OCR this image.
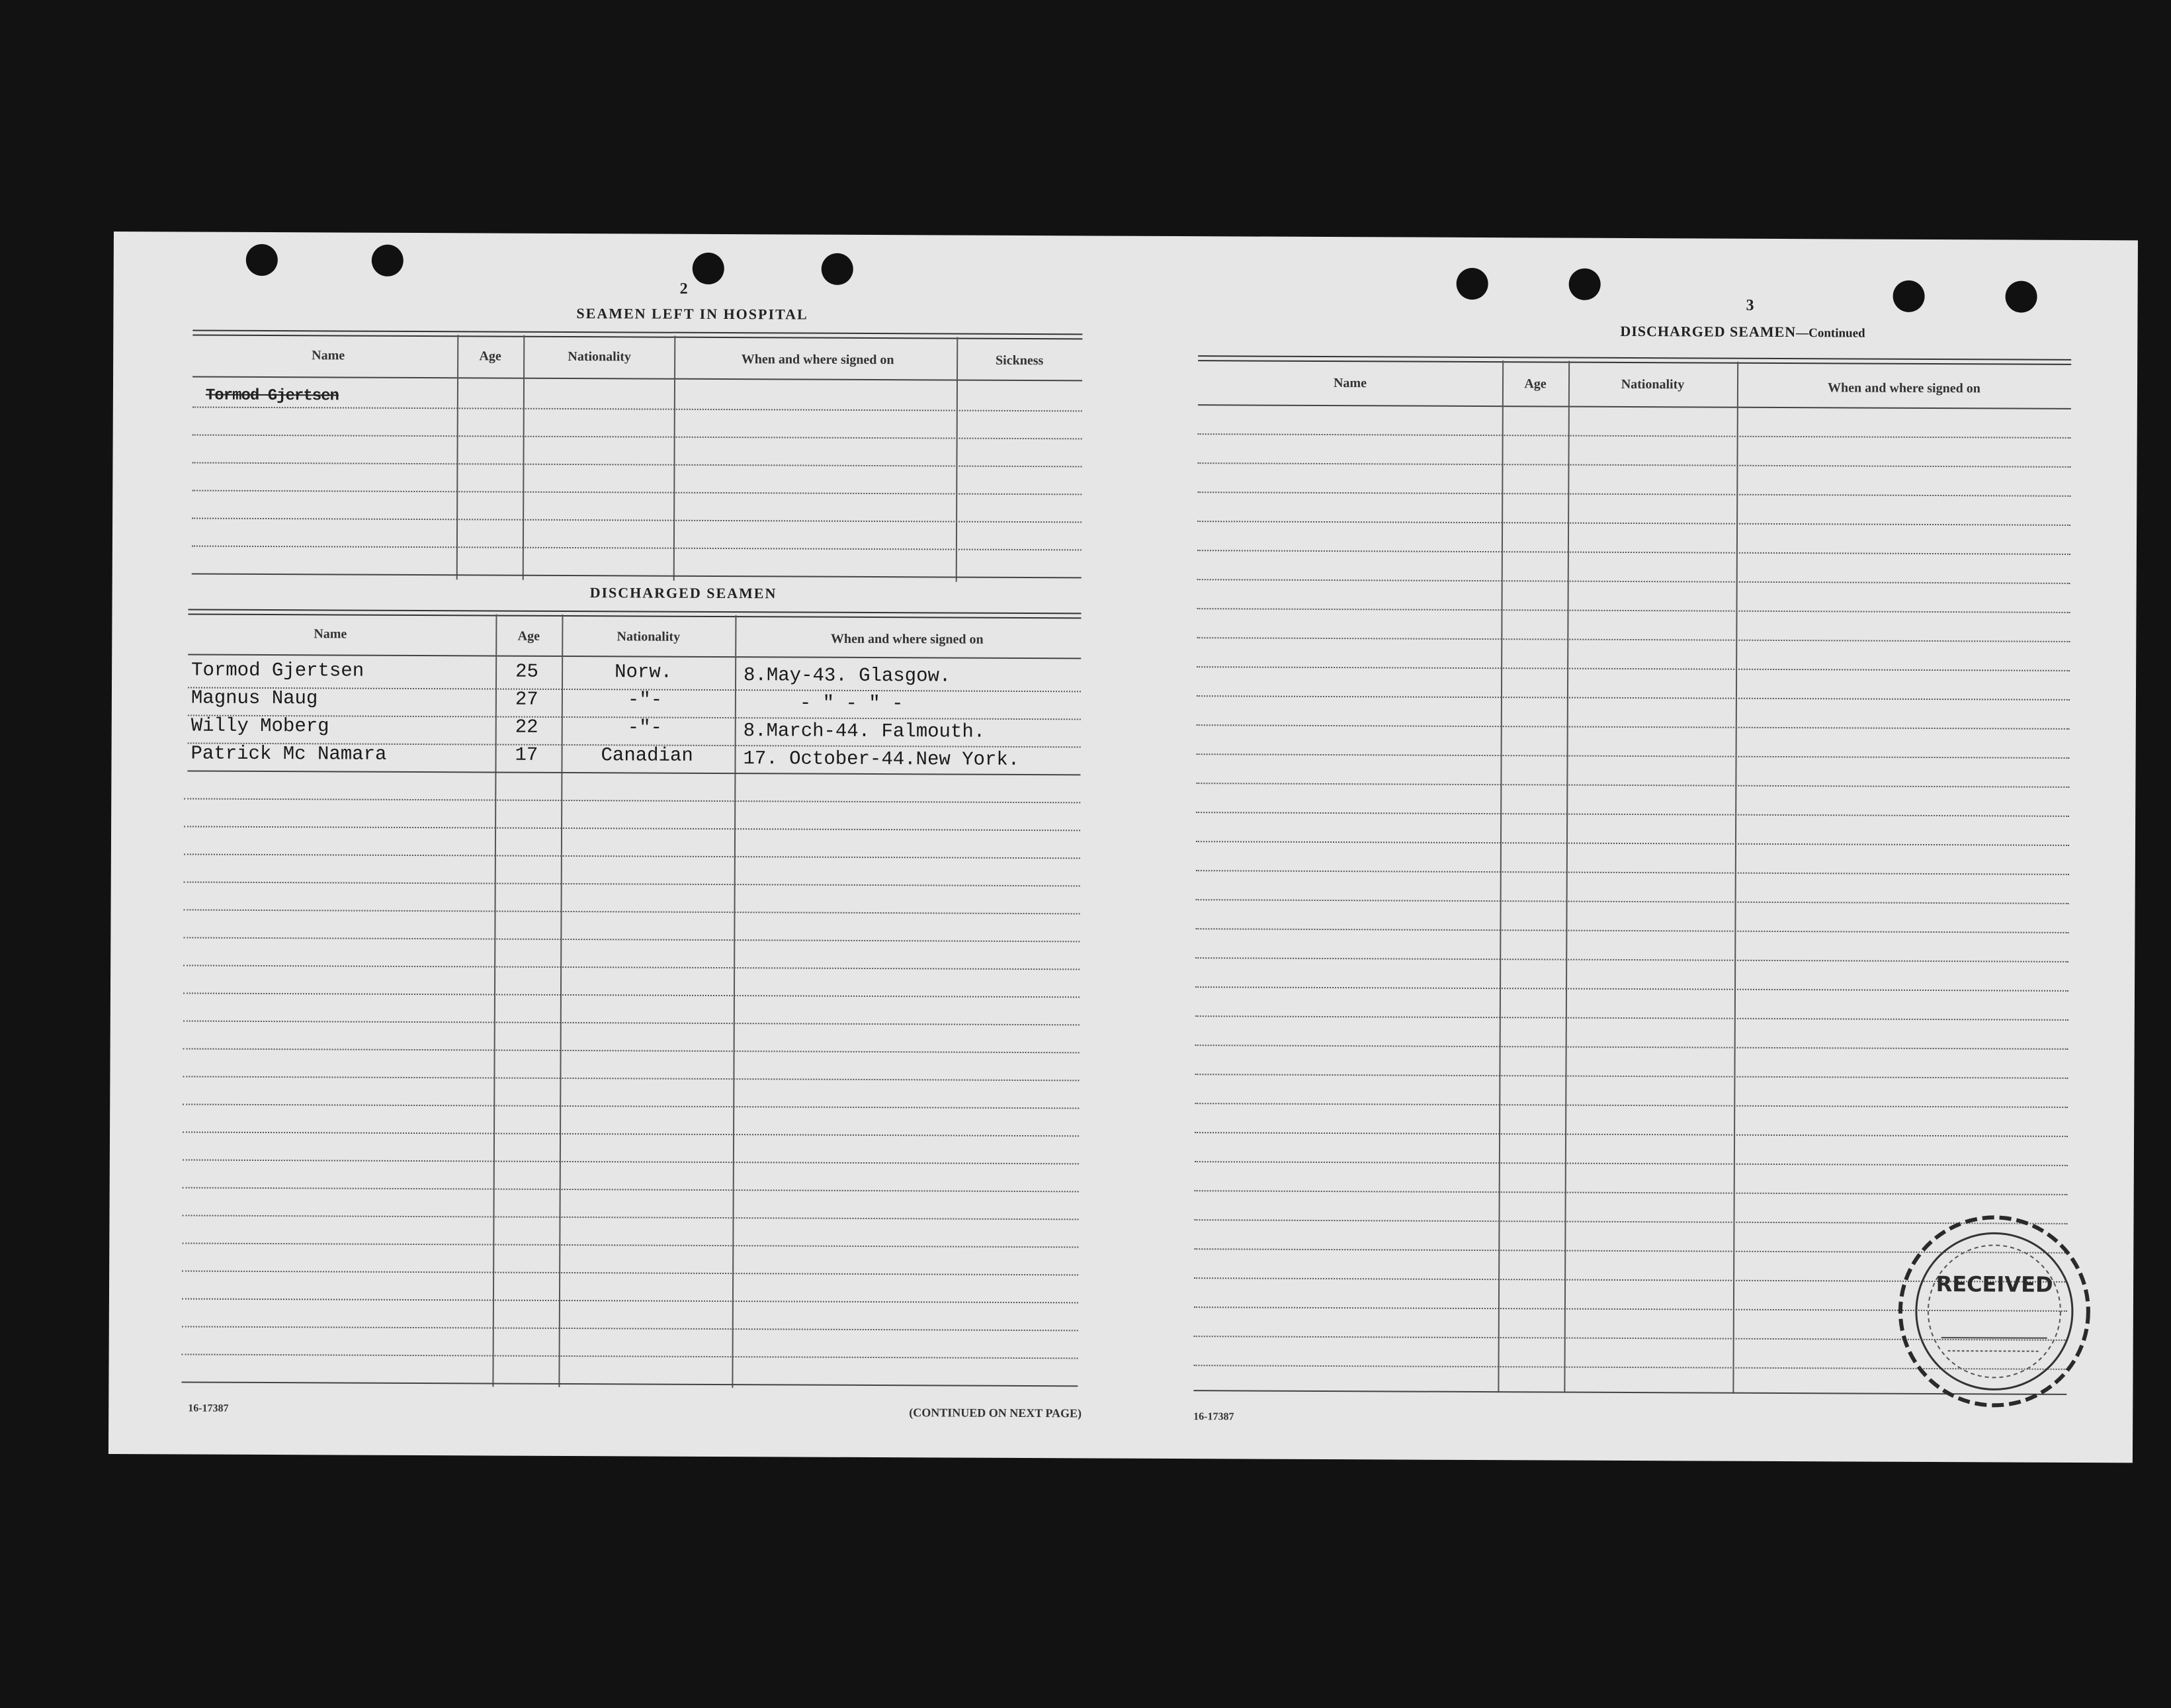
2
SEAMEN LEFT IN HOSPITAL
Name	Age	Nationality	When and where signed on	Sickness
Tormod Gjertsen
DISCHARGED SEAMEN
Name	Age	Nationality	When and where signed on
Tormod Gjertsen	25	Norw.	8.May-43. Glasgow.
Magnus Naug	27	-"-	- " - " -
Willy Moberg	22	-"-	8.March-44. Falmouth.
Patrick Mc Namara	17	Canadian	17. October-44.New York.
16-17387	(CONTINUED ON NEXT PAGE)
3
DISCHARGED SEAMEN—Continued
Name	Age	Nationality	When and where signed on
16-17387
RECEIVED
